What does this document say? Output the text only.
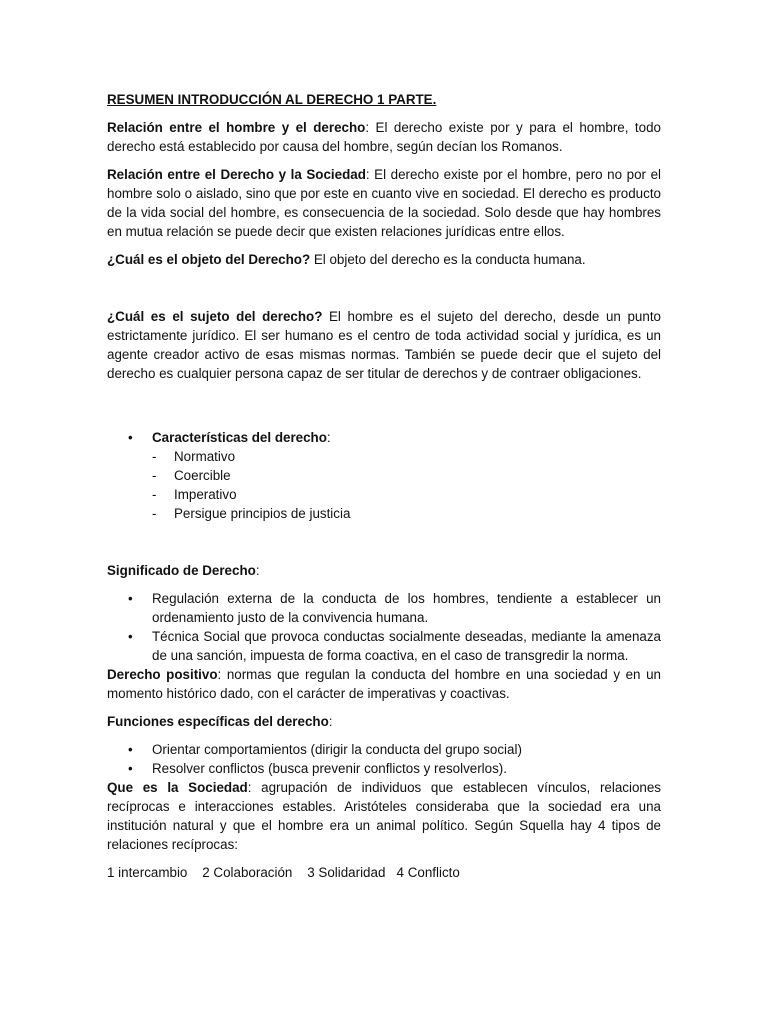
RESUMEN INTRODUCCIÓN AL DERECHO 1 PARTE.

Relación entre el hombre y el derecho: El derecho existe por y para el hombre, todo derecho está establecido por causa del hombre, según decían los Romanos.

Relación entre el Derecho y la Sociedad: El derecho existe por el hombre, pero no por el hombre solo o aislado, sino que por este en cuanto vive en sociedad. El derecho es producto de la vida social del hombre, es consecuencia de la sociedad. Solo desde que hay hombres en mutua relación se puede decir que existen relaciones jurídicas entre ellos.

¿Cuál es el objeto del Derecho? El objeto del derecho es la conducta humana.

¿Cuál es el sujeto del derecho? El hombre es el sujeto del derecho, desde un punto estrictamente jurídico. El ser humano es el centro de toda actividad social y jurídica, es un agente creador activo de esas mismas normas. También se puede decir que el sujeto del derecho es cualquier persona capaz de ser titular de derechos y de contraer obligaciones.

• Características del derecho:
- Normativo
- Coercible
- Imperativo
- Persigue principios de justicia

Significado de Derecho:

• Regulación externa de la conducta de los hombres, tendiente a establecer un ordenamiento justo de la convivencia humana.
• Técnica Social que provoca conductas socialmente deseadas, mediante la amenaza de una sanción, impuesta de forma coactiva, en el caso de transgredir la norma.

Derecho positivo: normas que regulan la conducta del hombre en una sociedad y en un momento histórico dado, con el carácter de imperativas y coactivas.

Funciones específicas del derecho:

• Orientar comportamientos (dirigir la conducta del grupo social)
• Resolver conflictos (busca prevenir conflictos y resolverlos).

Que es la Sociedad: agrupación de individuos que establecen vínculos, relaciones recíprocas e interacciones estables. Aristóteles consideraba que la sociedad era una institución natural y que el hombre era un animal político. Según Squella hay 4 tipos de relaciones recíprocas:

1 intercambio    2 Colaboración    3 Solidaridad   4 Conflicto
